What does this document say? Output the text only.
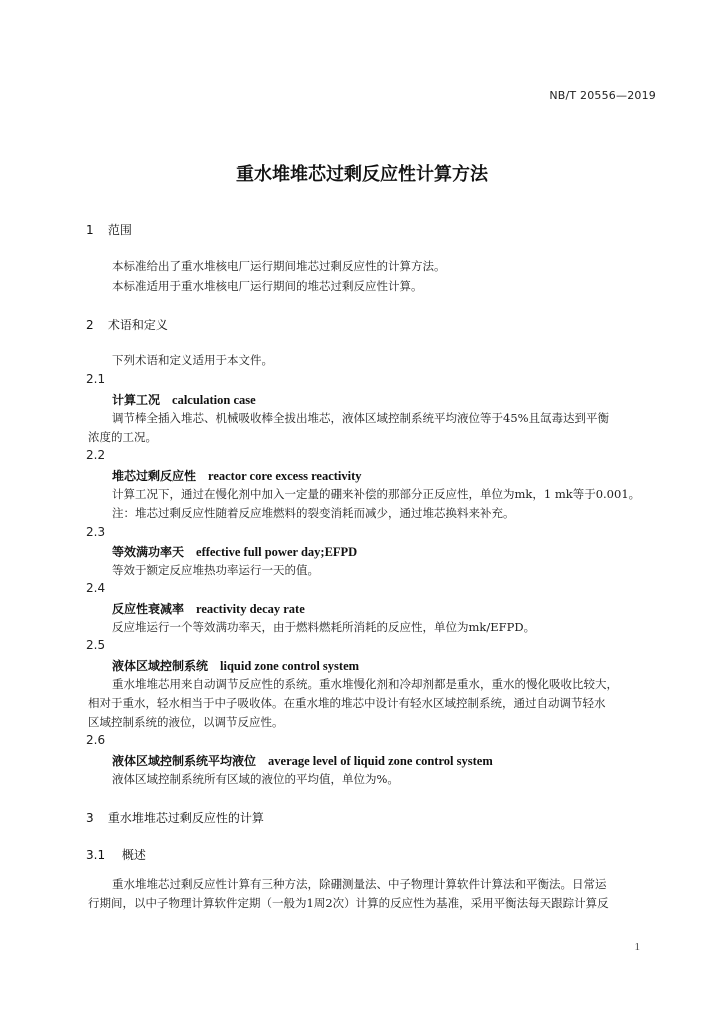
NB/T 20556—2019
重水堆堆芯过剩反应性计算方法
1 范围
本标准给出了重水堆核电厂运行期间堆芯过剩反应性的计算方法。
本标准适用于重水堆核电厂运行期间的堆芯过剩反应性计算。
2 术语和定义
下列术语和定义适用于本文件。
2.1
计算工况 calculation case
调节棒全插入堆芯、机械吸收棒全拔出堆芯，液体区域控制系统平均液位等于45%且氙毒达到平衡
浓度的工况。
2.2
堆芯过剩反应性 reactor core excess reactivity
计算工况下，通过在慢化剂中加入一定量的硼来补偿的那部分正反应性，单位为mk，1 mk等于0.001。
注：堆芯过剩反应性随着反应堆燃料的裂变消耗而减少，通过堆芯换料来补充。
2.3
等效满功率天 effective full power day;EFPD
等效于额定反应堆热功率运行一天的值。
2.4
反应性衰减率 reactivity decay rate
反应堆运行一个等效满功率天，由于燃料燃耗所消耗的反应性，单位为mk/EFPD。
2.5
液体区域控制系统 liquid zone control system
重水堆堆芯用来自动调节反应性的系统。重水堆慢化剂和冷却剂都是重水，重水的慢化吸收比较大，
相对于重水，轻水相当于中子吸收体。在重水堆的堆芯中设计有轻水区域控制系统，通过自动调节轻水
区域控制系统的液位，以调节反应性。
2.6
液体区域控制系统平均液位 average level of liquid zone control system
液体区域控制系统所有区域的液位的平均值，单位为%。
3 重水堆堆芯过剩反应性的计算
3.1 概述
重水堆堆芯过剩反应性计算有三种方法，除硼测量法、中子物理计算软件计算法和平衡法。日常运
行期间，以中子物理计算软件定期（一般为1周2次）计算的反应性为基准，采用平衡法每天跟踪计算反
1
